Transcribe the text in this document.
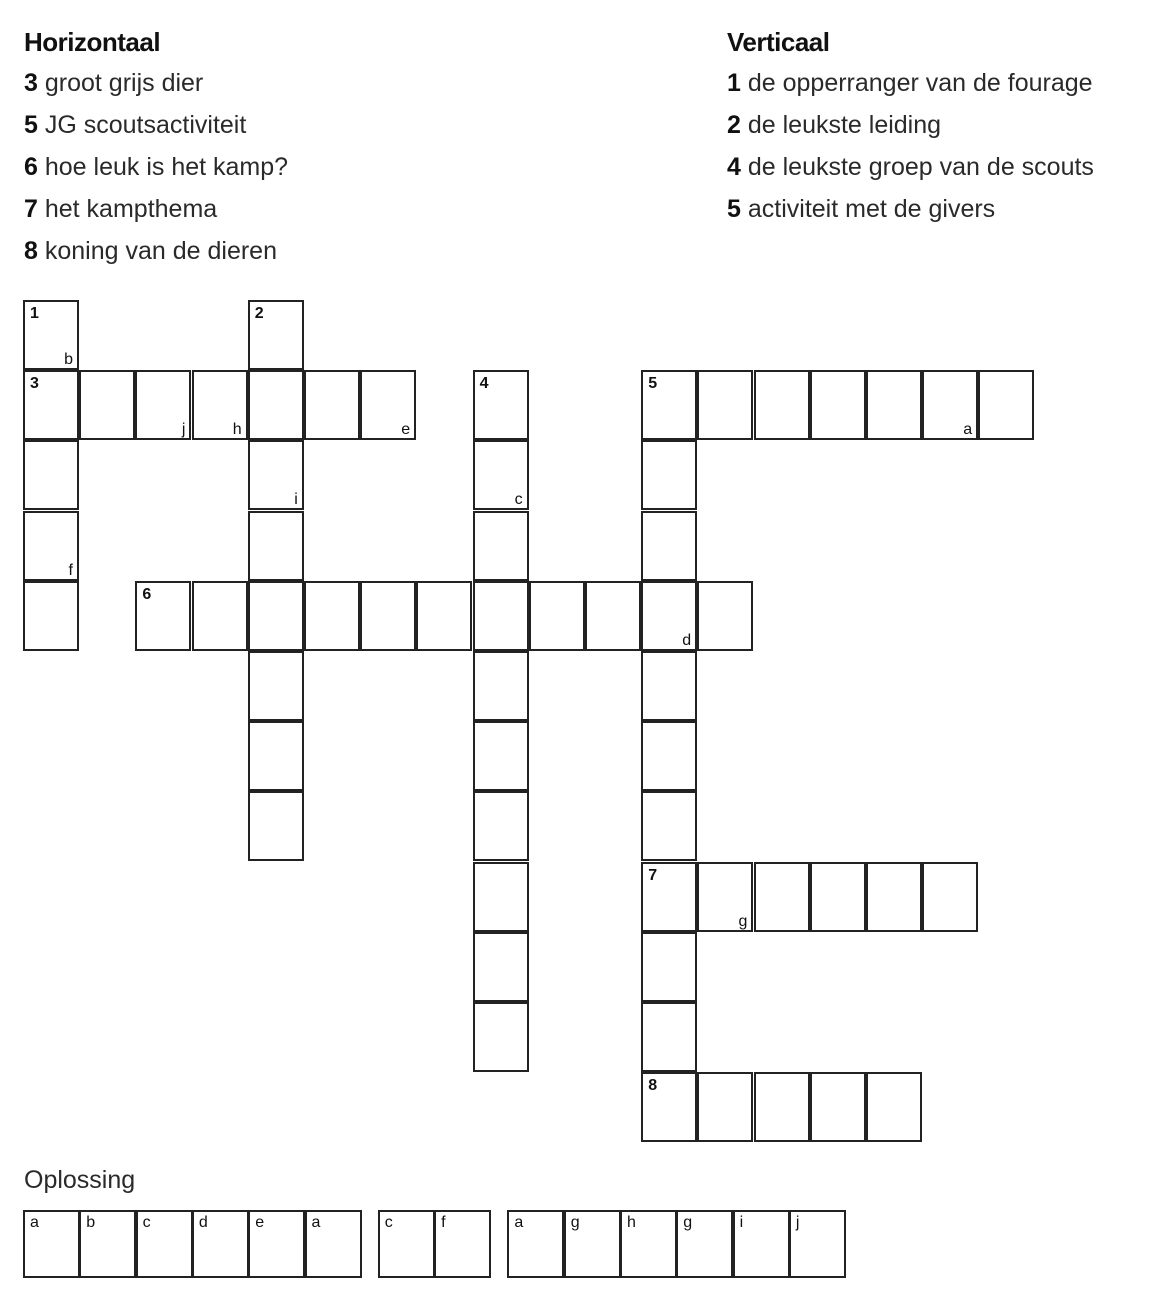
Horizontaal
3 groot grijs dier
5 JG scoutsactiviteit
6 hoe leuk is het kamp?
7 het kampthema
8 koning van de dieren
Verticaal
1 de opperranger van de fourage
2 de leukste leiding
4 de leukste groep van de scouts
5 activiteit met de givers
1
b
3
f
2
i
j	h	e
4
c
5
a
d
7
8
6
g
Oplossing
a	b	c	d	e	a	c	f	a	g	h	g	i	j
